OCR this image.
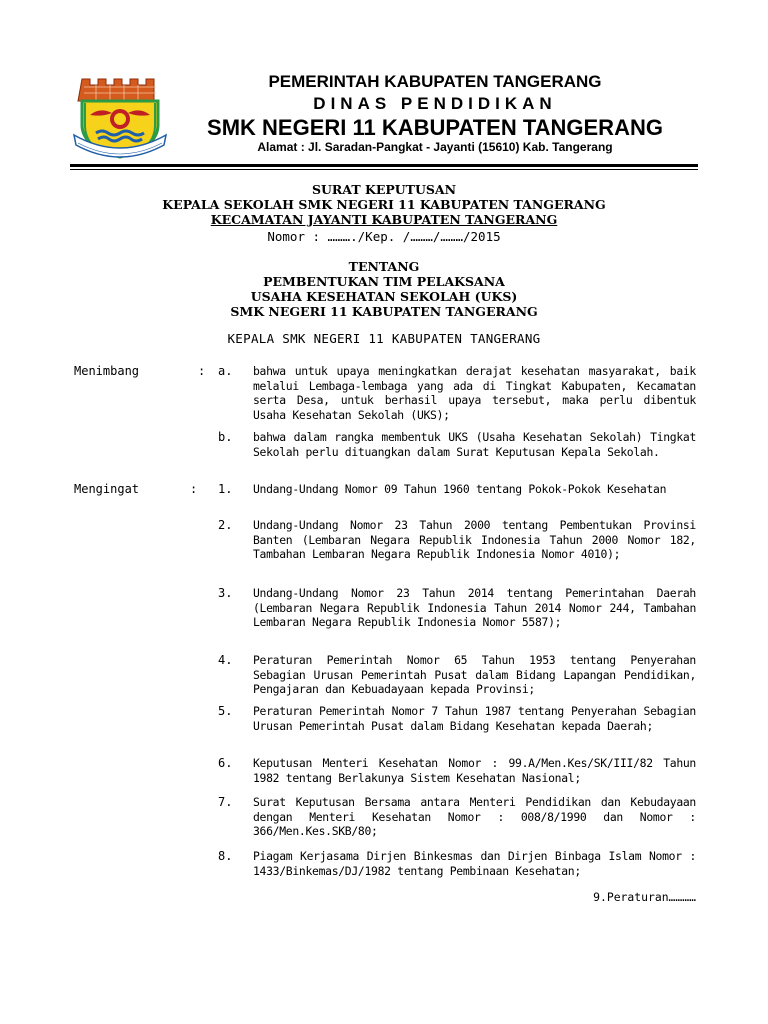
PEMERINTAH KABUPATEN TANGERANG
DINAS PENDIDIKAN
SMK NEGERI 11 KABUPATEN TANGERANG
Alamat : Jl. Saradan-Pangkat - Jayanti (15610) Kab. Tangerang
SURAT KEPUTUSAN
KEPALA SEKOLAH SMK NEGERI 11 KABUPATEN TANGERANG
KECAMATAN JAYANTI KABUPATEN TANGERANG
Nomor : ………./Kep. /………/………/2015
TENTANG
PEMBENTUKAN TIM PELAKSANA
USAHA KESEHATAN SEKOLAH (UKS)
SMK NEGERI 11 KABUPATEN TANGERANG
KEPALA SMK NEGERI 11 KABUPATEN TANGERANG
Menimbang	: a.	bahwa untuk upaya meningkatkan derajat kesehatan masyarakat, baik melalui Lembaga-lembaga yang ada di Tingkat Kabupaten, Kecamatan serta Desa, untuk berhasil upaya tersebut, maka perlu dibentuk Usaha Kesehatan Sekolah (UKS);
b.	bahwa dalam rangka membentuk UKS (Usaha Kesehatan Sekolah) Tingkat Sekolah perlu dituangkan dalam Surat Keputusan Kepala Sekolah.
Mengingat	: 1.	Undang-Undang Nomor 09 Tahun 1960 tentang Pokok-Pokok Kesehatan
2.	Undang-Undang Nomor 23 Tahun 2000 tentang Pembentukan Provinsi Banten (Lembaran Negara Republik Indonesia Tahun 2000 Nomor 182, Tambahan Lembaran Negara Republik Indonesia Nomor 4010);
3.	Undang-Undang Nomor 23 Tahun 2014 tentang Pemerintahan Daerah (Lembaran Negara Republik Indonesia Tahun 2014 Nomor 244, Tambahan Lembaran Negara Republik Indonesia Nomor 5587);
4.	Peraturan Pemerintah Nomor 65 Tahun 1953 tentang Penyerahan Sebagian Urusan Pemerintah Pusat dalam Bidang Lapangan Pendidikan, Pengajaran dan Kebuadayaan kepada Provinsi;
5.	Peraturan Pemerintah Nomor 7 Tahun 1987 tentang Penyerahan Sebagian Urusan Pemerintah Pusat dalam Bidang Kesehatan kepada Daerah;
6.	Keputusan Menteri Kesehatan Nomor : 99.A/Men.Kes/SK/III/82 Tahun 1982 tentang Berlakunya Sistem Kesehatan Nasional;
7.	Surat Keputusan Bersama antara Menteri Pendidikan dan Kebudayaan dengan Menteri Kesehatan Nomor : 008/8/1990 dan Nomor : 366/Men.Kes.SKB/80;
8.	Piagam Kerjasama Dirjen Binkesmas dan Dirjen Binbaga Islam Nomor : 1433/Binkemas/DJ/1982 tentang Pembinaan Kesehatan;
9.Peraturan…………
